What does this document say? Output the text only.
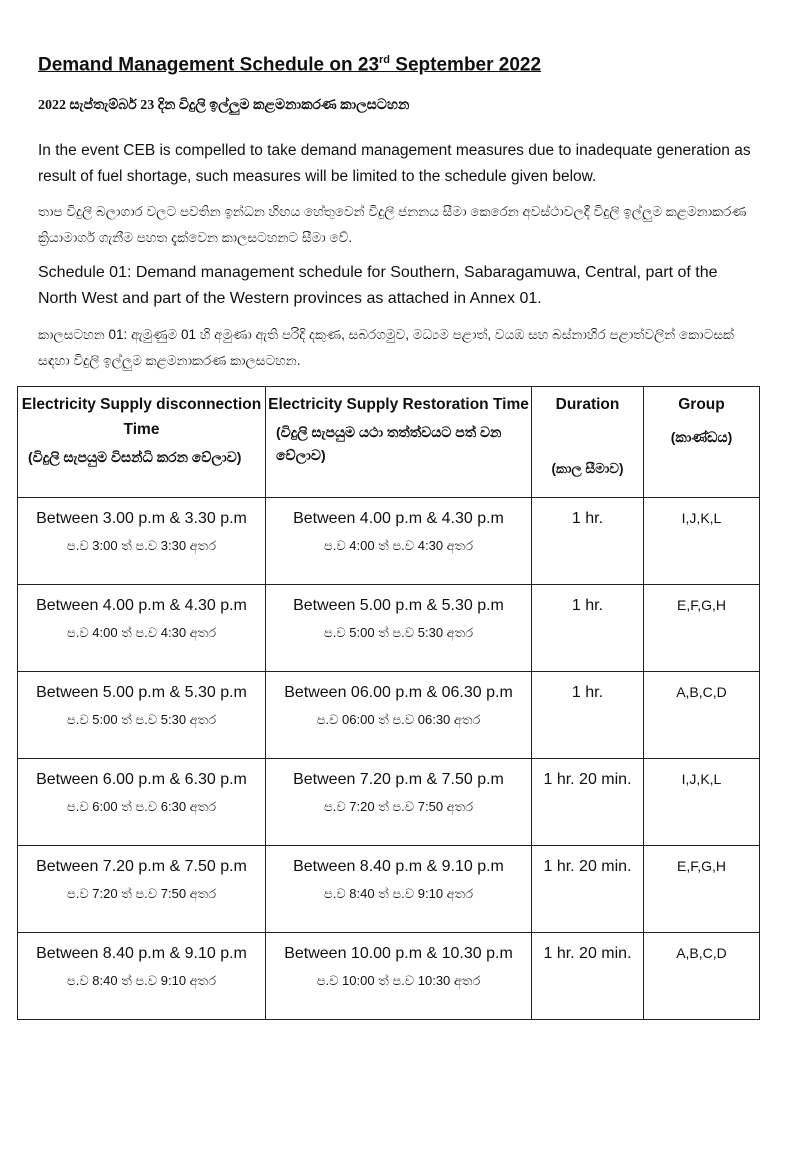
Demand Management Schedule on 23rd September 2022
2022 සැප්තැම්බර් 23 දින විදුලි ඉල්ලුම කළමනාකරණ කාලසටහන
In the event CEB is compelled to take demand management measures due to inadequate generation as result of fuel shortage, such measures will be limited to the schedule given below.
තාප විදුලි බලාගාර වලට පවතින ඉන්ධන හිඟය හේතුවෙන් විදුලි ජනනය සීමා කෙරෙන අවස්ථාවලදී විදුලි ඉල්ලුම කළමනාකරණ ක්‍රියාමාර්ග ගැනීම පහත දැක්වෙන කාලසටහනට සීමා වේ.
Schedule 01: Demand management schedule for Southern, Sabaragamuwa, Central, part of the North West and part of the Western provinces as attached in Annex 01.
කාලසටහන 01: ඇමුණුම 01 හි අමුණා ඇති පරිදි දකුණ, සබරගමුව, මධ්‍යම පළාත්, වයඹ සහ බස්නාහිර පළාත්වලින් කොටසක් සඳහා විදුලි ඉල්ලුම කළමනාකරණ කාලසටහන.
Electricity Supply disconnection Time
(විදුලි සැපයුම විසන්ධි කරන වේලාව)	Electricity Supply Restoration Time
(විදුලි සැපයුම යථා තත්ත්වයට පත් වන වේලාව)	Duration
(කාල සීමාව)	Group
(කාණ්ඩය)

Between 3.00 p.m & 3.30 p.m
ප.ව 3:00 ත් ප.ව 3:30 අතර	Between 4.00 p.m & 4.30 p.m
ප.ව 4:00 ත් ප.ව 4:30 අතර	1 hr.	I,J,K,L

Between 4.00 p.m & 4.30 p.m
ප.ව 4:00 ත් ප.ව 4:30 අතර	Between 5.00 p.m & 5.30 p.m
ප.ව 5:00 ත් ප.ව 5:30 අතර	1 hr.	E,F,G,H

Between 5.00 p.m & 5.30 p.m
ප.ව 5:00 ත් ප.ව 5:30 අතර	Between 06.00 p.m & 06.30 p.m
ප.ව 06:00 ත් ප.ව 06:30 අතර	1 hr.	A,B,C,D

Between 6.00 p.m & 6.30 p.m
ප.ව 6:00 ත් ප.ව 6:30 අතර	Between 7.20 p.m & 7.50 p.m
ප.ව 7:20 ත් ප.ව 7:50 අතර	1 hr. 20 min.	I,J,K,L

Between 7.20 p.m & 7.50 p.m
ප.ව 7:20 ත් ප.ව 7:50 අතර	Between 8.40 p.m & 9.10 p.m
ප.ව 8:40 ත් ප.ව 9:10 අතර	1 hr. 20 min.	E,F,G,H

Between 8.40 p.m & 9.10 p.m
ප.ව 8:40 ත් ප.ව 9:10 අතර	Between 10.00 p.m & 10.30 p.m
ප.ව 10:00 ත් ප.ව 10:30 අතර	1 hr. 20 min.	A,B,C,D
